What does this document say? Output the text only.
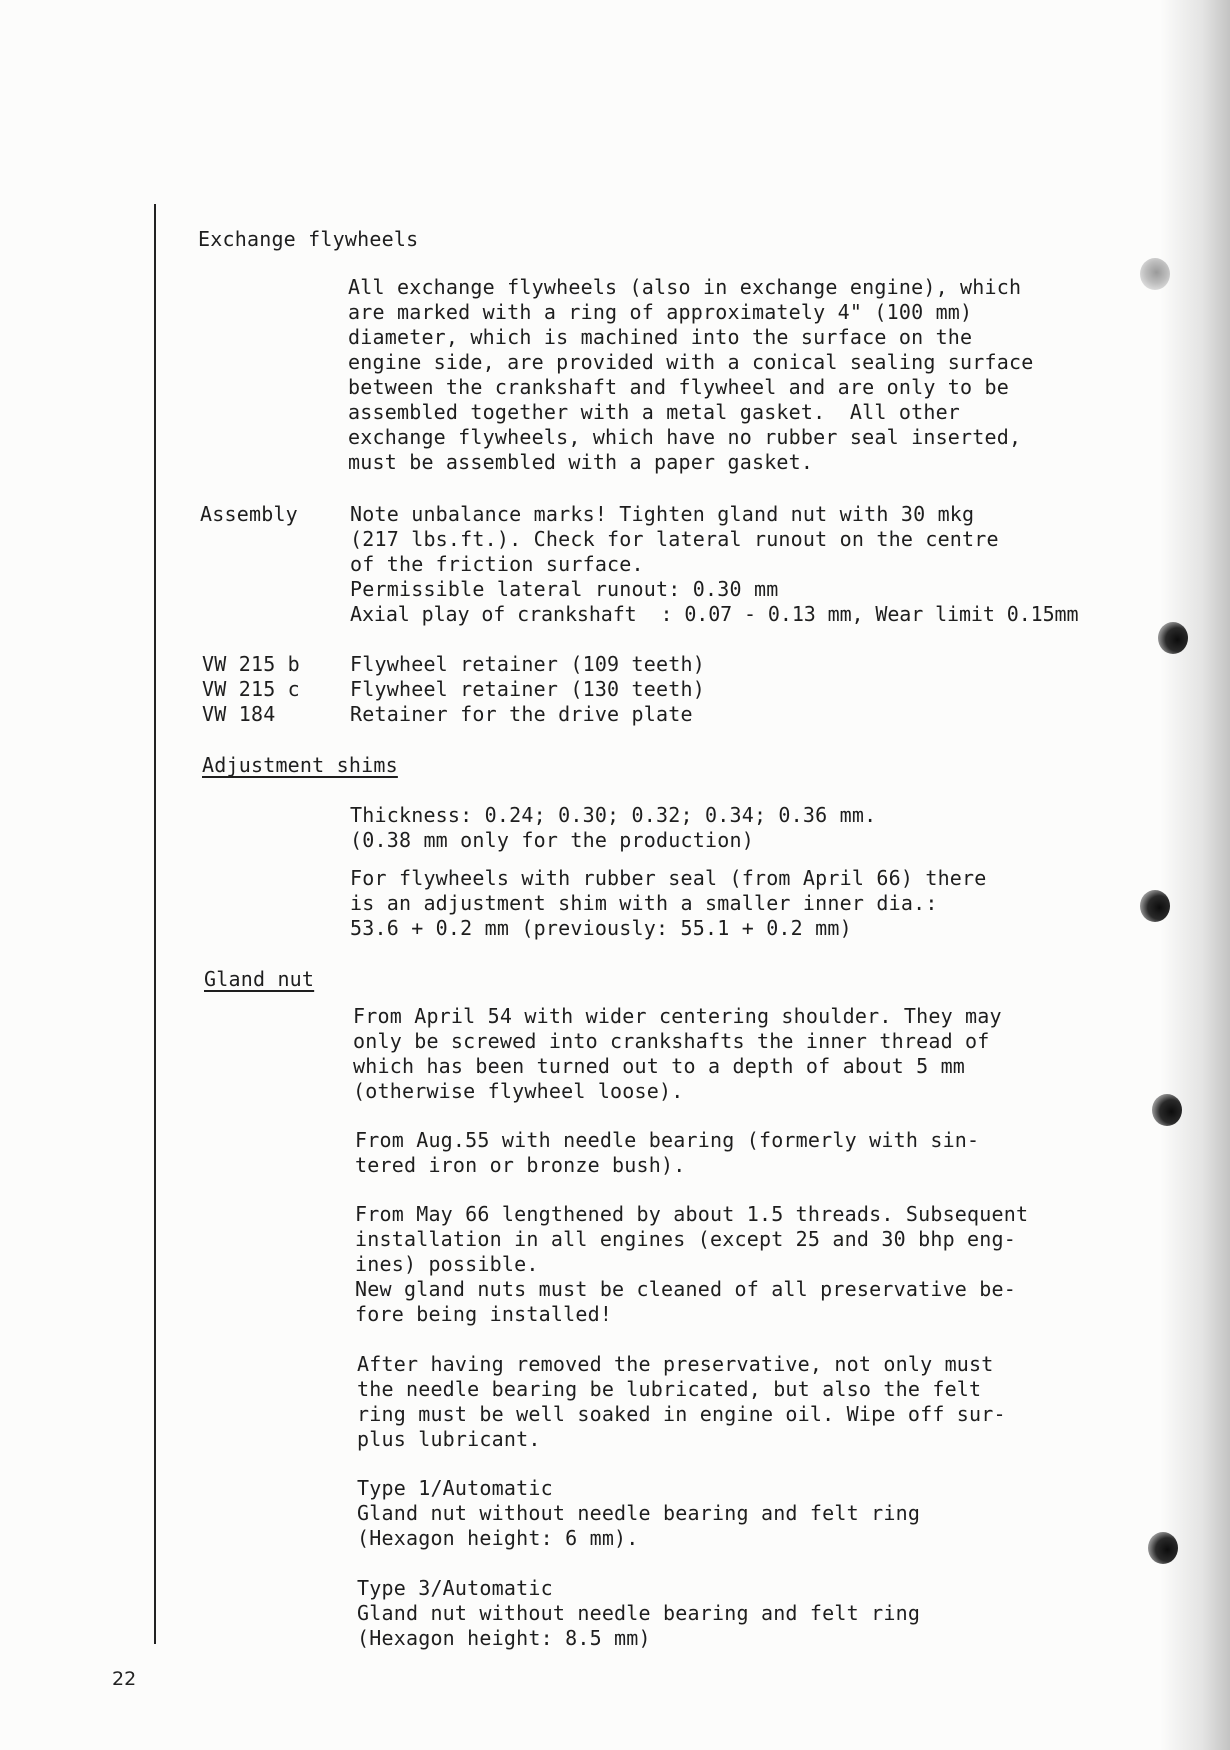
Exchange flywheels
All exchange flywheels (also in exchange engine), which
are marked with a ring of approximately 4" (100 mm)
diameter, which is machined into the surface on the
engine side, are provided with a conical sealing surface
between the crankshaft and flywheel and are only to be
assembled together with a metal gasket.  All other
exchange flywheels, which have no rubber seal inserted,
must be assembled with a paper gasket.
Assembly	Note unbalance marks! Tighten gland nut with 30 mkg
(217 lbs.ft.). Check for lateral runout on the centre
of the friction surface.
Permissible lateral runout: 0.30 mm
Axial play of crankshaft  : 0.07 - 0.13 mm, Wear limit 0.15mm
VW 215 b	Flywheel retainer (109 teeth)
VW 215 c	Flywheel retainer (130 teeth)
VW 184	Retainer for the drive plate
Adjustment shims
Thickness: 0.24; 0.30; 0.32; 0.34; 0.36 mm.
(0.38 mm only for the production)
For flywheels with rubber seal (from April 66) there
is an adjustment shim with a smaller inner dia.:
53.6 + 0.2 mm (previously: 55.1 + 0.2 mm)
Gland nut
From April 54 with wider centering shoulder. They may
only be screwed into crankshafts the inner thread of
which has been turned out to a depth of about 5 mm
(otherwise flywheel loose).
From Aug.55 with needle bearing (formerly with sin-
tered iron or bronze bush).
From May 66 lengthened by about 1.5 threads. Subsequent
installation in all engines (except 25 and 30 bhp eng-
ines) possible.
New gland nuts must be cleaned of all preservative be-
fore being installed!
After having removed the preservative, not only must
the needle bearing be lubricated, but also the felt
ring must be well soaked in engine oil. Wipe off sur-
plus lubricant.
Type 1/Automatic
Gland nut without needle bearing and felt ring
(Hexagon height: 6 mm).
Type 3/Automatic
Gland nut without needle bearing and felt ring
(Hexagon height: 8.5 mm)
22
